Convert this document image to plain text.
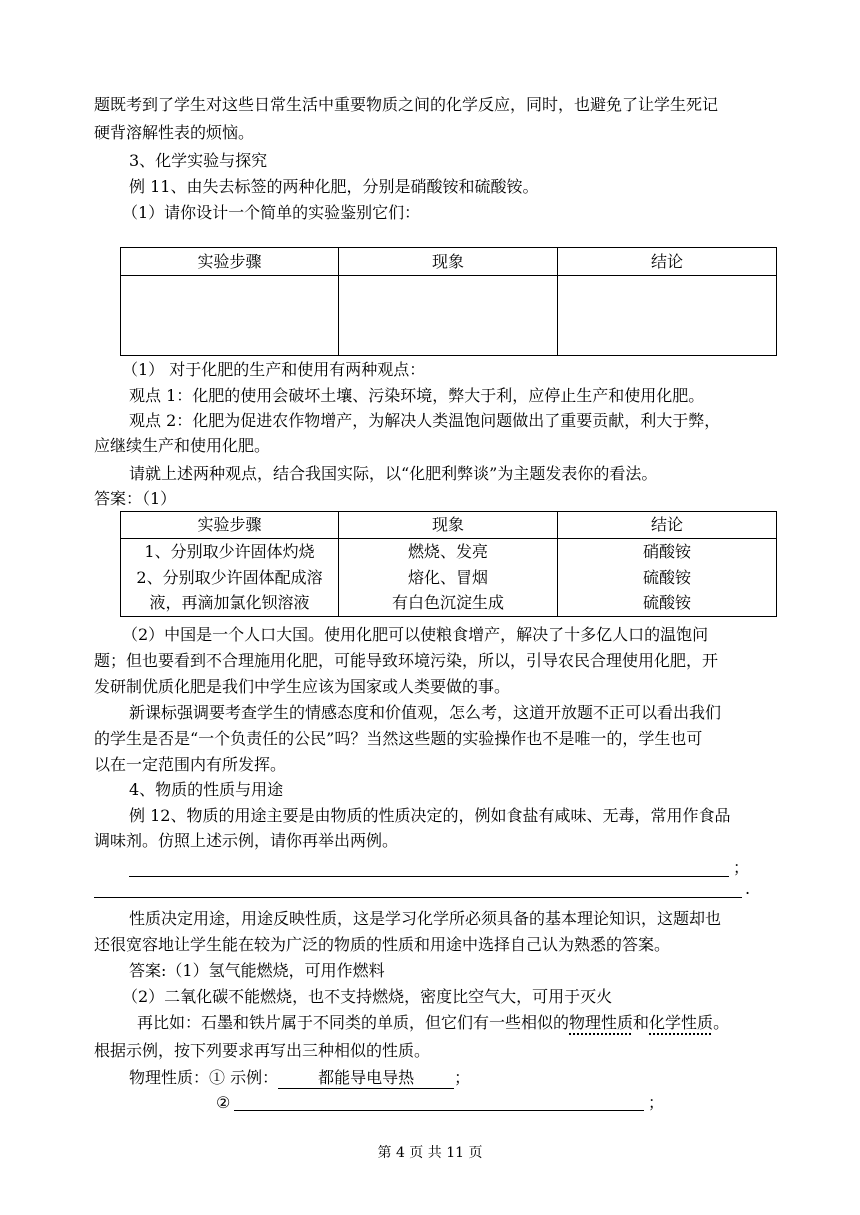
题既考到了学生对这些日常生活中重要物质之间的化学反应，同时，也避免了让学生死记
硬背溶解性表的烦恼。
3、化学实验与探究
例 11、由失去标签的两种化肥，分别是硝酸铵和硫酸铵。
（1）请你设计一个简单的实验鉴别它们：
实验步骤	现象	结论

（1） 对于化肥的生产和使用有两种观点：
观点 1：化肥的使用会破坏土壤、污染环境，弊大于利，应停止生产和使用化肥。
观点 2：化肥为促进农作物增产，为解决人类温饱问题做出了重要贡献，利大于弊，
应继续生产和使用化肥。
请就上述两种观点，结合我国实际，以“化肥利弊谈”为主题发表你的看法。
答案：（1）
实验步骤	现象	结论
1、分别取少许固体灼烧	燃烧、发亮	硝酸铵
2、分别取少许固体配成溶	熔化、冒烟	硫酸铵
液，再滴加氯化钡溶液	有白色沉淀生成	硫酸铵
（2）中国是一个人口大国。使用化肥可以使粮食增产，解决了十多亿人口的温饱问
题；但也要看到不合理施用化肥，可能导致环境污染，所以，引导农民合理使用化肥，开
发研制优质化肥是我们中学生应该为国家或人类要做的事。
新课标强调要考查学生的情感态度和价值观，怎么考，这道开放题不正可以看出我们
的学生是否是“一个负责任的公民”吗？当然这些题的实验操作也不是唯一的，学生也可
以在一定范围内有所发挥。
4、物质的性质与用途
例 12、物质的用途主要是由物质的性质决定的，例如食盐有咸味、无毒，常用作食品
调味剂。仿照上述示例，请你再举出两例。
；
.
性质决定用途，用途反映性质，这是学习化学所必须具备的基本理论知识，这题却也
还很宽容地让学生能在较为广泛的物质的性质和用途中选择自己认为熟悉的答案。
答案:（1）氢气能燃烧，可用作燃料
（2）二氧化碳不能燃烧，也不支持燃烧，密度比空气大，可用于灭火
再比如：石墨和铁片属于不同类的单质，但它们有一些相似的物理性质和化学性质。
根据示例，按下列要求再写出三种相似的性质。
物理性质：① 示例： 都能导电导热	；
②	；
第 4 页 共 11 页
